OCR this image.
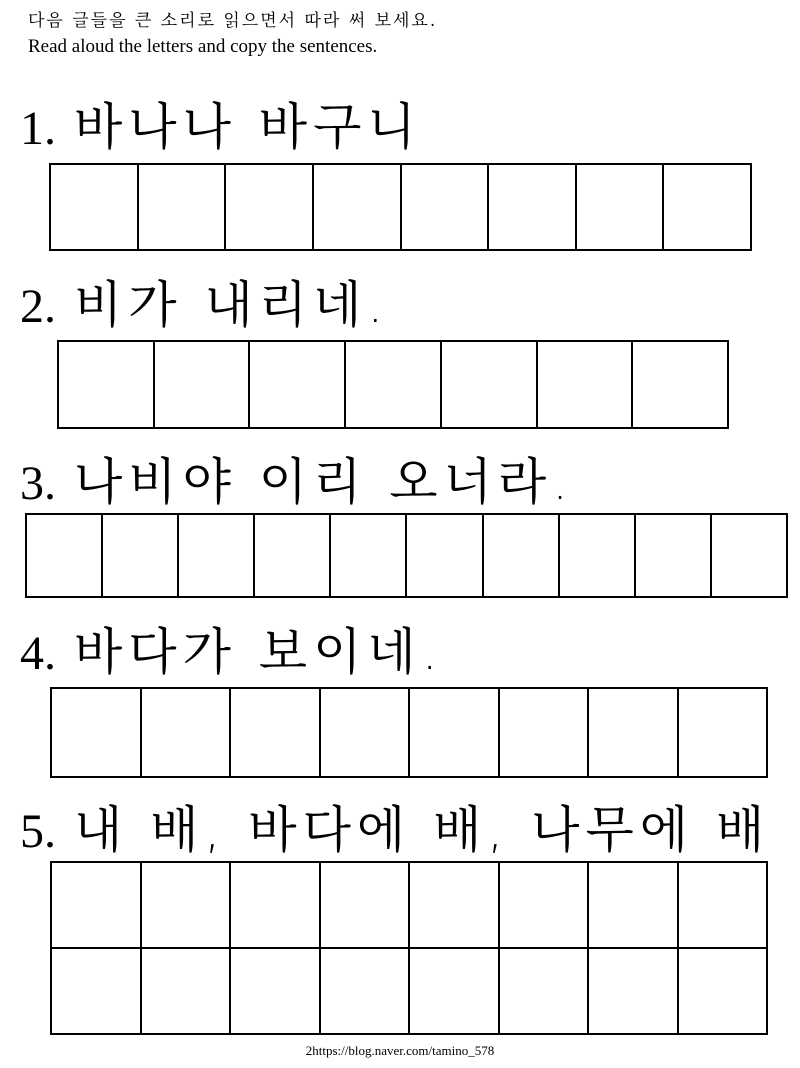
다음 글들을 큰 소리로 읽으면서 따라 써 보세요.
Read aloud the letters and copy the sentences.
1. 바나나 바구니
2. 비가 내리네.
3. 나비야 이리 오너라.
4. 바다가 보이네.
5. 내 배, 바다에 배, 나무에 배
2https://blog.naver.com/tamino_578
